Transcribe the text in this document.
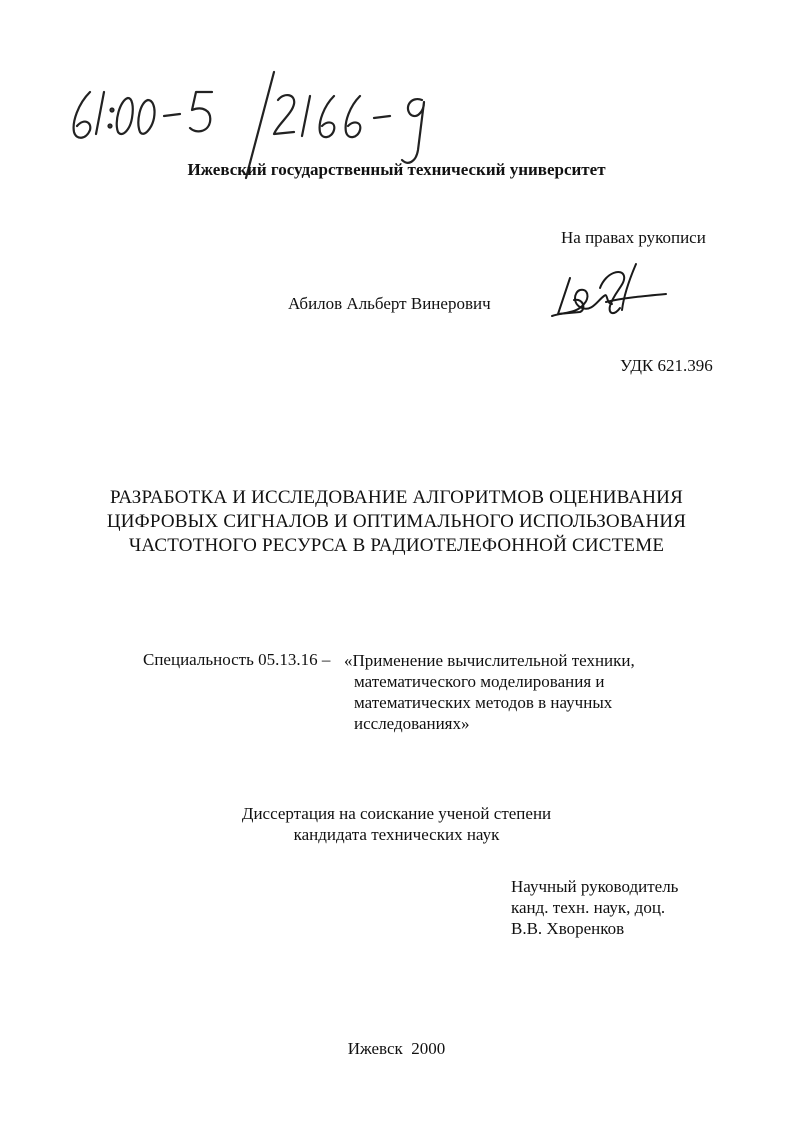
Ижевский государственный технический университет
На правах рукописи
Абилов Альберт Винерович
УДК 621.396
РАЗРАБОТКА И ИССЛЕДОВАНИЕ АЛГОРИТМОВ ОЦЕНИВАНИЯ
ЦИФРОВЫХ СИГНАЛОВ И ОПТИМАЛЬНОГО ИСПОЛЬЗОВАНИЯ
ЧАСТОТНОГО РЕСУРСА В РАДИОТЕЛЕФОННОЙ СИСТЕМЕ
Специальность 05.13.16 – «Применение вычислительной техники,
математического моделирования и
математических методов в научных
исследованиях»
Диссертация на соискание ученой степени
кандидата технических наук
Научный руководитель
канд. техн. наук, доц.
В.В. Хворенков
Ижевск  2000
